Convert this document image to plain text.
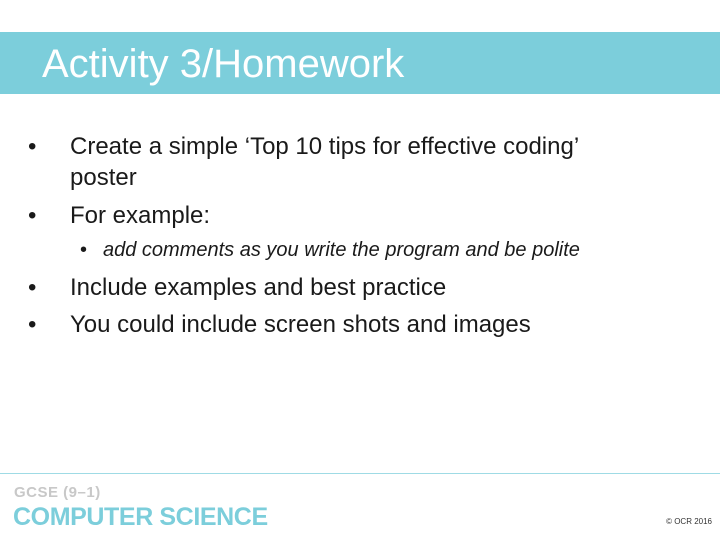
Activity 3/Homework
•	Create a simple ‘Top 10 tips for effective coding’
poster
•	For example:
• add comments as you write the program and be polite
•	Include examples and best practice
•	You could include screen shots and images
GCSE (9–1)
COMPUTER SCIENCE	© OCR 2016
